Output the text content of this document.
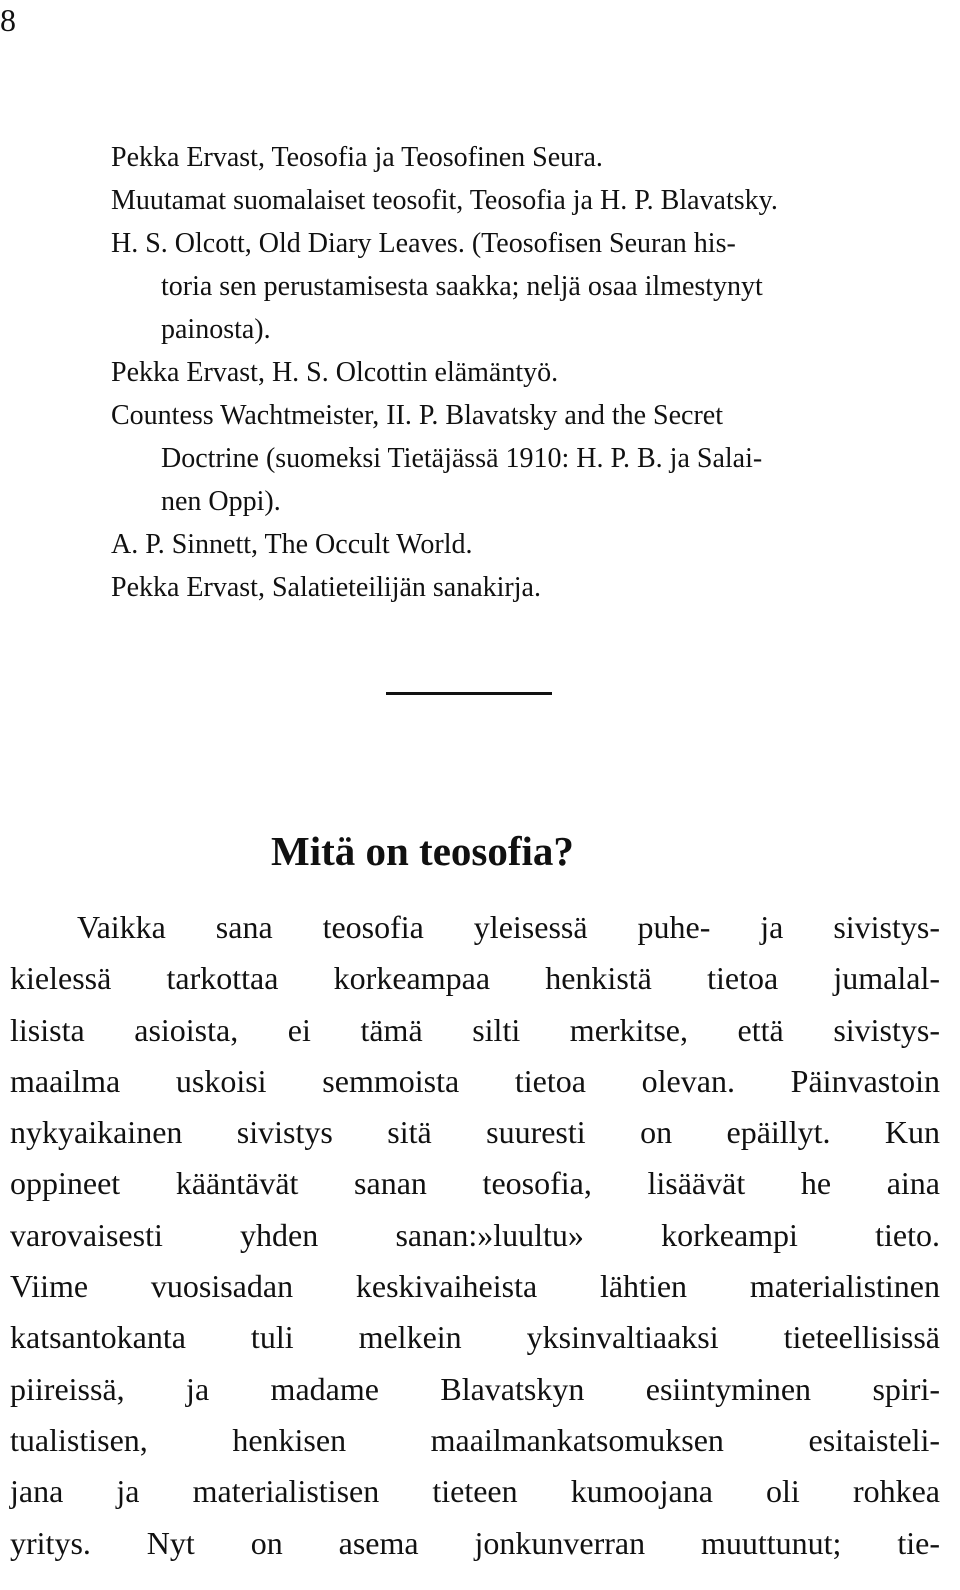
8
Pekka Ervast, Teosofia ja Teosofinen Seura.
Muutamat suomalaiset teosofit, Teosofia ja H. P. Blavatsky.
H. S. Olcott, Old Diary Leaves. (Teosofisen Seuran his-
toria sen perustamisesta saakka; neljä osaa ilmestynyt
painosta).
Pekka Ervast, H. S. Olcottin elämäntyö.
Countess Wachtmeister, II. P. Blavatsky and the Secret
Doctrine (suomeksi Tietäjässä 1910: H. P. B. ja Salai-
nen Oppi).
A. P. Sinnett, The Occult World.
Pekka Ervast, Salatieteilijän sanakirja.
Mitä on teosofia?
Vaikka sana teosofia yleisessä puhe- ja sivistys-
kielessä tarkottaa korkeampaa henkistä tietoa jumalal-
lisista asioista, ei tämä silti merkitse, että sivistys-
maailma uskoisi semmoista tietoa olevan. Päinvastoin
nykyaikainen sivistys sitä suuresti on epäillyt. Kun
oppineet kääntävät sanan teosofia, lisäävät he aina
varovaisesti yhden sanan:»luultu» korkeampi tieto.
Viime vuosisadan keskivaiheista lähtien materialistinen
katsantokanta tuli melkein yksinvaltiaaksi tieteellisissä
piireissä, ja madame Blavatskyn esiintyminen spiri-
tualistisen, henkisen maailmankatsomuksen esitaisteli-
jana ja materialistisen tieteen kumoojana oli rohkea
yritys. Nyt on asema jonkunverran muuttunut; tie-
